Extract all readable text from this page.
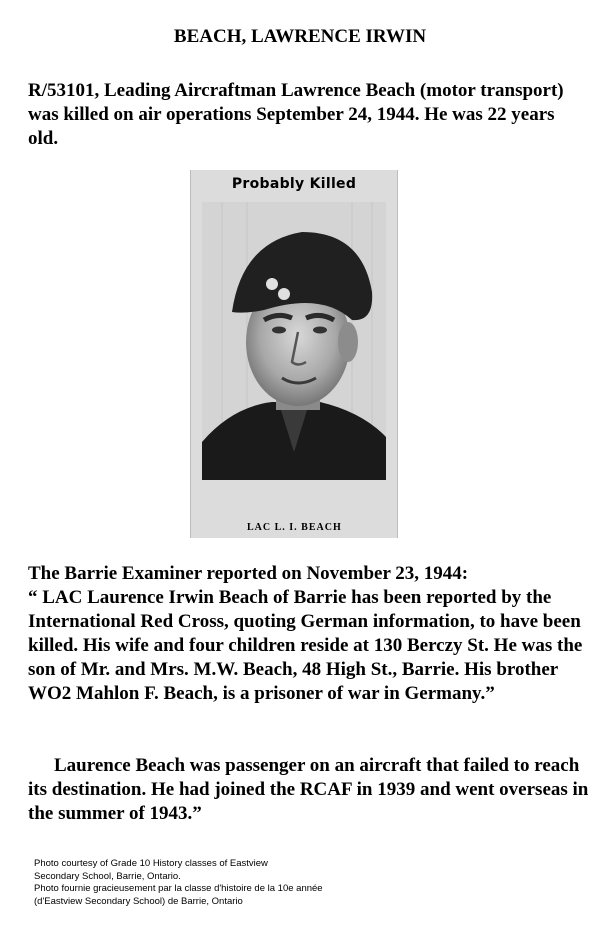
BEACH, LAWRENCE IRWIN

R/53101, Leading Aircraftman Lawrence Beach (motor transport) was killed on air operations September 24, 1944. He was 22 years old.

Probably Killed
LAC L. I. BEACH

The Barrie Examiner reported on November 23, 1944:

“ LAC Laurence Irwin Beach of Barrie has been reported by the International Red Cross, quoting German information, to have been killed. His wife and four children reside at 130 Berczy St. He was the son of Mr. and Mrs. M.W. Beach, 48 High St., Barrie. His brother WO2 Mahlon F. Beach, is a prisoner of war in Germany.”

Laurence Beach was passenger on an aircraft that failed to reach its destination. He had joined the RCAF in 1939 and went overseas in the summer of 1943.”

Photo courtesy of Grade 10 History classes of Eastview
Secondary School, Barrie, Ontario.
Photo fournie gracieusement par la classe d'histoire de la 10e année
(d'Eastview Secondary School) de Barrie, Ontario
